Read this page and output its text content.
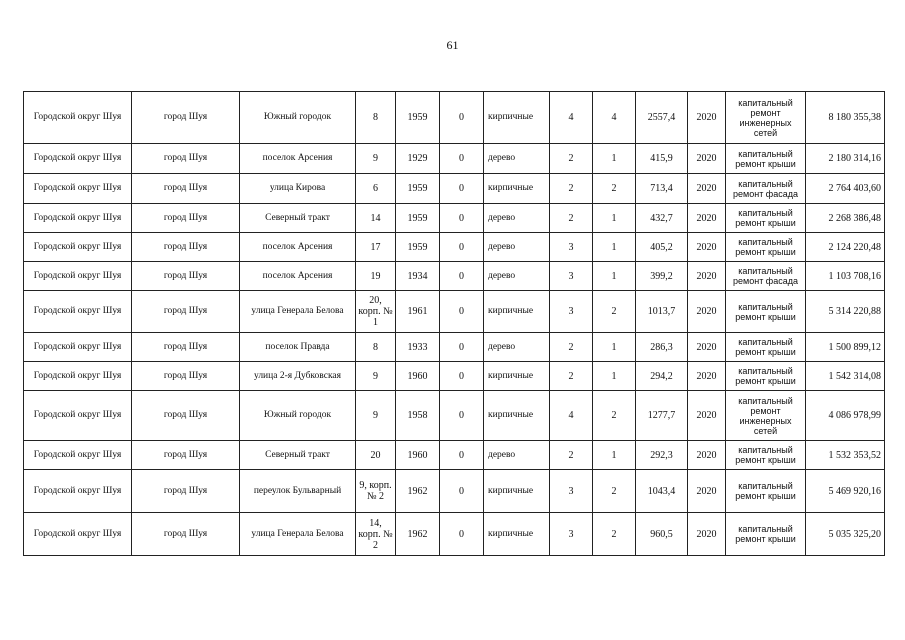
61
Городской округ Шуя	город Шуя	Южный городок	8	1959	0	кирпичные	4	4	2557,4	2020	капитальный ремонт инженерных сетей	8 180 355,38
Городской округ Шуя	город Шуя	поселок Арсения	9	1929	0	дерево	2	1	415,9	2020	капитальный ремонт крыши	2 180 314,16
Городской округ Шуя	город Шуя	улица Кирова	6	1959	0	кирпичные	2	2	713,4	2020	капитальный ремонт фасада	2 764 403,60
Городской округ Шуя	город Шуя	Северный тракт	14	1959	0	дерево	2	1	432,7	2020	капитальный ремонт крыши	2 268 386,48
Городской округ Шуя	город Шуя	поселок Арсения	17	1959	0	дерево	3	1	405,2	2020	капитальный ремонт крыши	2 124 220,48
Городской округ Шуя	город Шуя	поселок Арсения	19	1934	0	дерево	3	1	399,2	2020	капитальный ремонт фасада	1 103 708,16
Городской округ Шуя	город Шуя	улица Генерала Белова	20, корп. № 1	1961	0	кирпичные	3	2	1013,7	2020	капитальный ремонт крыши	5 314 220,88
Городской округ Шуя	город Шуя	поселок Правда	8	1933	0	дерево	2	1	286,3	2020	капитальный ремонт крыши	1 500 899,12
Городской округ Шуя	город Шуя	улица 2-я Дубковская	9	1960	0	кирпичные	2	1	294,2	2020	капитальный ремонт крыши	1 542 314,08
Городской округ Шуя	город Шуя	Южный городок	9	1958	0	кирпичные	4	2	1277,7	2020	капитальный ремонт инженерных сетей	4 086 978,99
Городской округ Шуя	город Шуя	Северный тракт	20	1960	0	дерево	2	1	292,3	2020	капитальный ремонт крыши	1 532 353,52
Городской округ Шуя	город Шуя	переулок Бульварный	9, корп. № 2	1962	0	кирпичные	3	2	1043,4	2020	капитальный ремонт крыши	5 469 920,16
Городской округ Шуя	город Шуя	улица Генерала Белова	14, корп. № 2	1962	0	кирпичные	3	2	960,5	2020	капитальный ремонт крыши	5 035 325,20
